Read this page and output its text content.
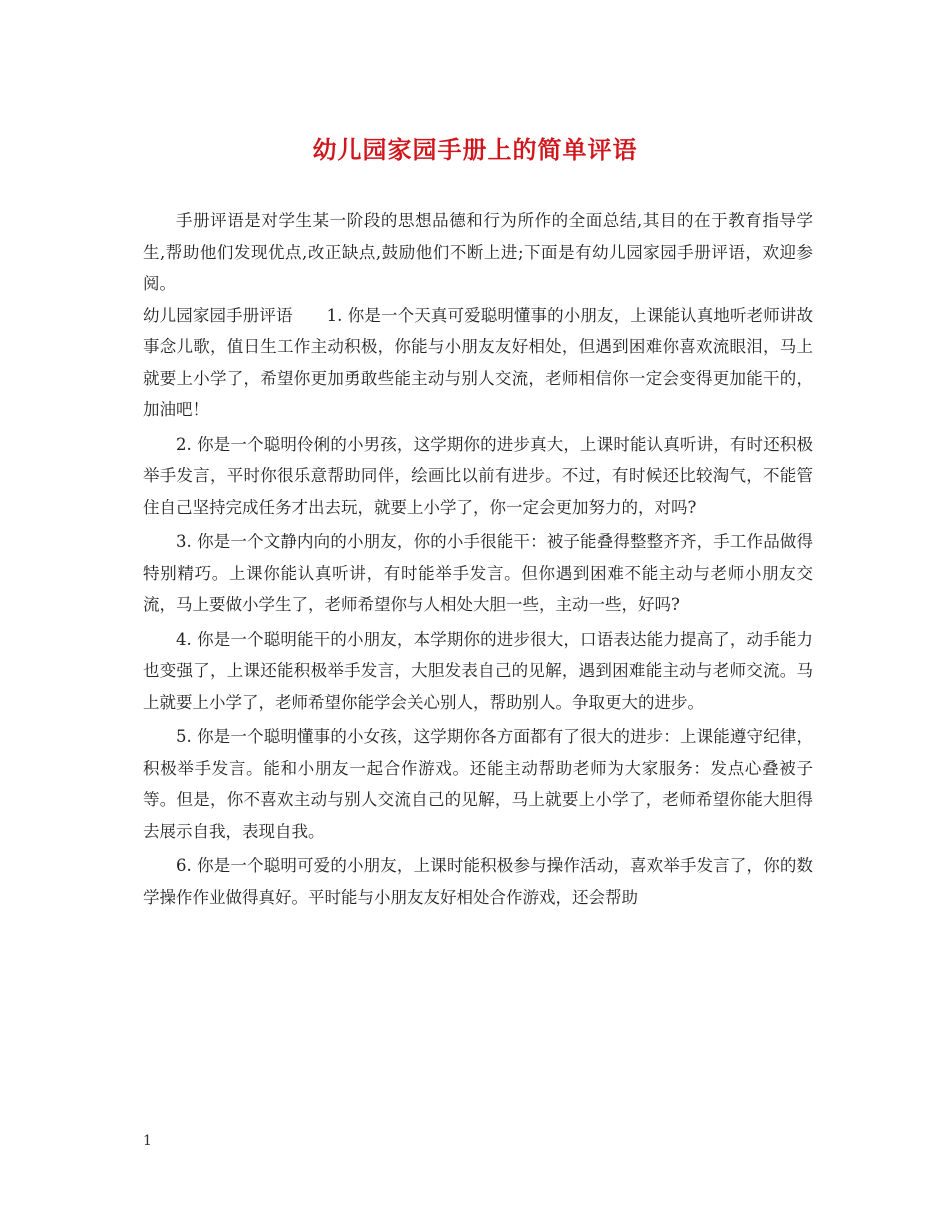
幼儿园家园手册上的简单评语

手册评语是对学生某一阶段的思想品德和行为所作的全面总结,其目的在于教育指导学生,帮助他们发现优点,改正缺点,鼓励他们不断上进;下面是有幼儿园家园手册评语，欢迎参阅。

幼儿园家园手册评语 1. 你是一个天真可爱聪明懂事的小朋友，上课能认真地听老师讲故事念儿歌，值日生工作主动积极，你能与小朋友友好相处，但遇到困难你喜欢流眼泪，马上就要上小学了，希望你更加勇敢些能主动与别人交流，老师相信你一定会变得更加能干的，加油吧！

2. 你是一个聪明伶俐的小男孩，这学期你的进步真大，上课时能认真听讲，有时还积极举手发言，平时你很乐意帮助同伴，绘画比以前有进步。不过，有时候还比较淘气，不能管住自己坚持完成任务才出去玩，就要上小学了，你一定会更加努力的，对吗?

3. 你是一个文静内向的小朋友，你的小手很能干：被子能叠得整整齐齐，手工作品做得特别精巧。上课你能认真听讲，有时能举手发言。但你遇到困难不能主动与老师小朋友交流，马上要做小学生了，老师希望你与人相处大胆一些，主动一些，好吗?

4. 你是一个聪明能干的小朋友，本学期你的进步很大，口语表达能力提高了，动手能力也变强了，上课还能积极举手发言，大胆发表自己的见解，遇到困难能主动与老师交流。马上就要上小学了，老师希望你能学会关心别人，帮助别人。争取更大的进步。

5. 你是一个聪明懂事的小女孩，这学期你各方面都有了很大的进步：上课能遵守纪律，积极举手发言。能和小朋友一起合作游戏。还能主动帮助老师为大家服务：发点心叠被子等。但是，你不喜欢主动与别人交流自己的见解，马上就要上小学了，老师希望你能大胆得去展示自我，表现自我。

6. 你是一个聪明可爱的小朋友，上课时能积极参与操作活动，喜欢举手发言了，你的数学操作作业做得真好。平时能与小朋友友好相处合作游戏，还会帮助

1
